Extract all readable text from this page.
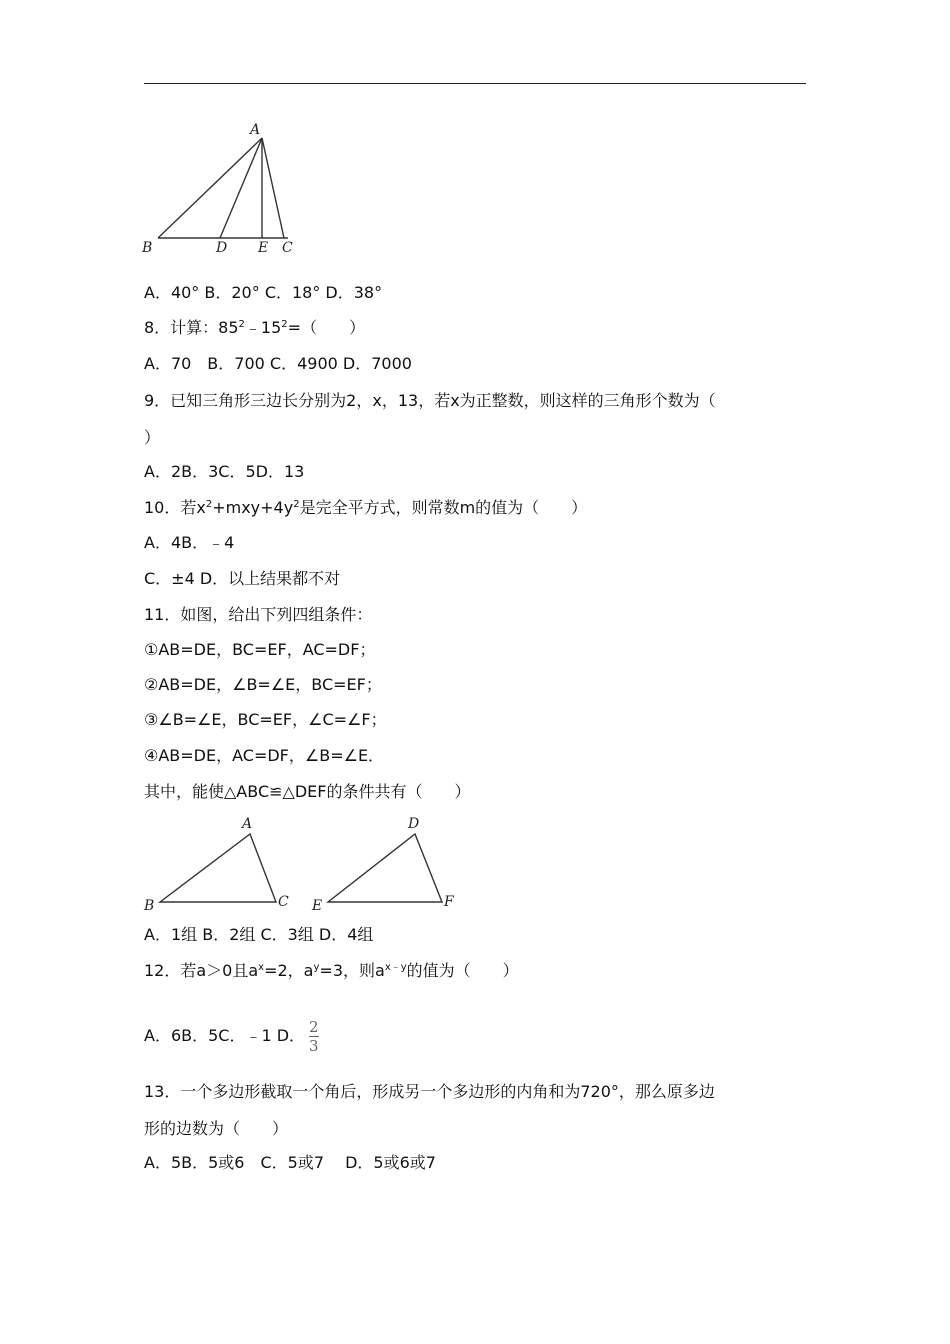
A
B	D E C
A．40° B．20° C．18° D．38°
8．计算：$85^2﹣15^2=$（　　）
A．70　B．700 C．4900 D．7000
9．已知三角形三边长分别为2，x，13，若x为正整数，则这样的三角形个数为（
）
A．2B．3C．5D．13
10．若$x^2+mxy+4y^2$是完全平方式，则常数m的值为（　　）
A．4B．﹣4
C．±4 D．以上结果都不对
11．如图，给出下列四组条件：
①AB=DE，BC=EF，AC=DF；
②AB=DE，∠B=∠E，BC=EF；
③∠B=∠E，BC=EF，∠C=∠F；
④AB=DE，AC=DF，∠B=∠E．
其中，能使△ABC≌△DEF的条件共有（　　）
A
B	C
D
E	F
A．1组 B．2组 C．3组 D．4组
12．若a＞0且$a^x=2$，$a^y=3$，则$a^{x﹣y}$的值为（　　）
A．6B．5C．﹣1 D． $\frac{2}{3}$
13．一个多边形截取一个角后，形成另一个多边形的内角和为720°，那么原多边
形的边数为（　　）
A．5B．5或6　C．5或7　 D．5或6或7
